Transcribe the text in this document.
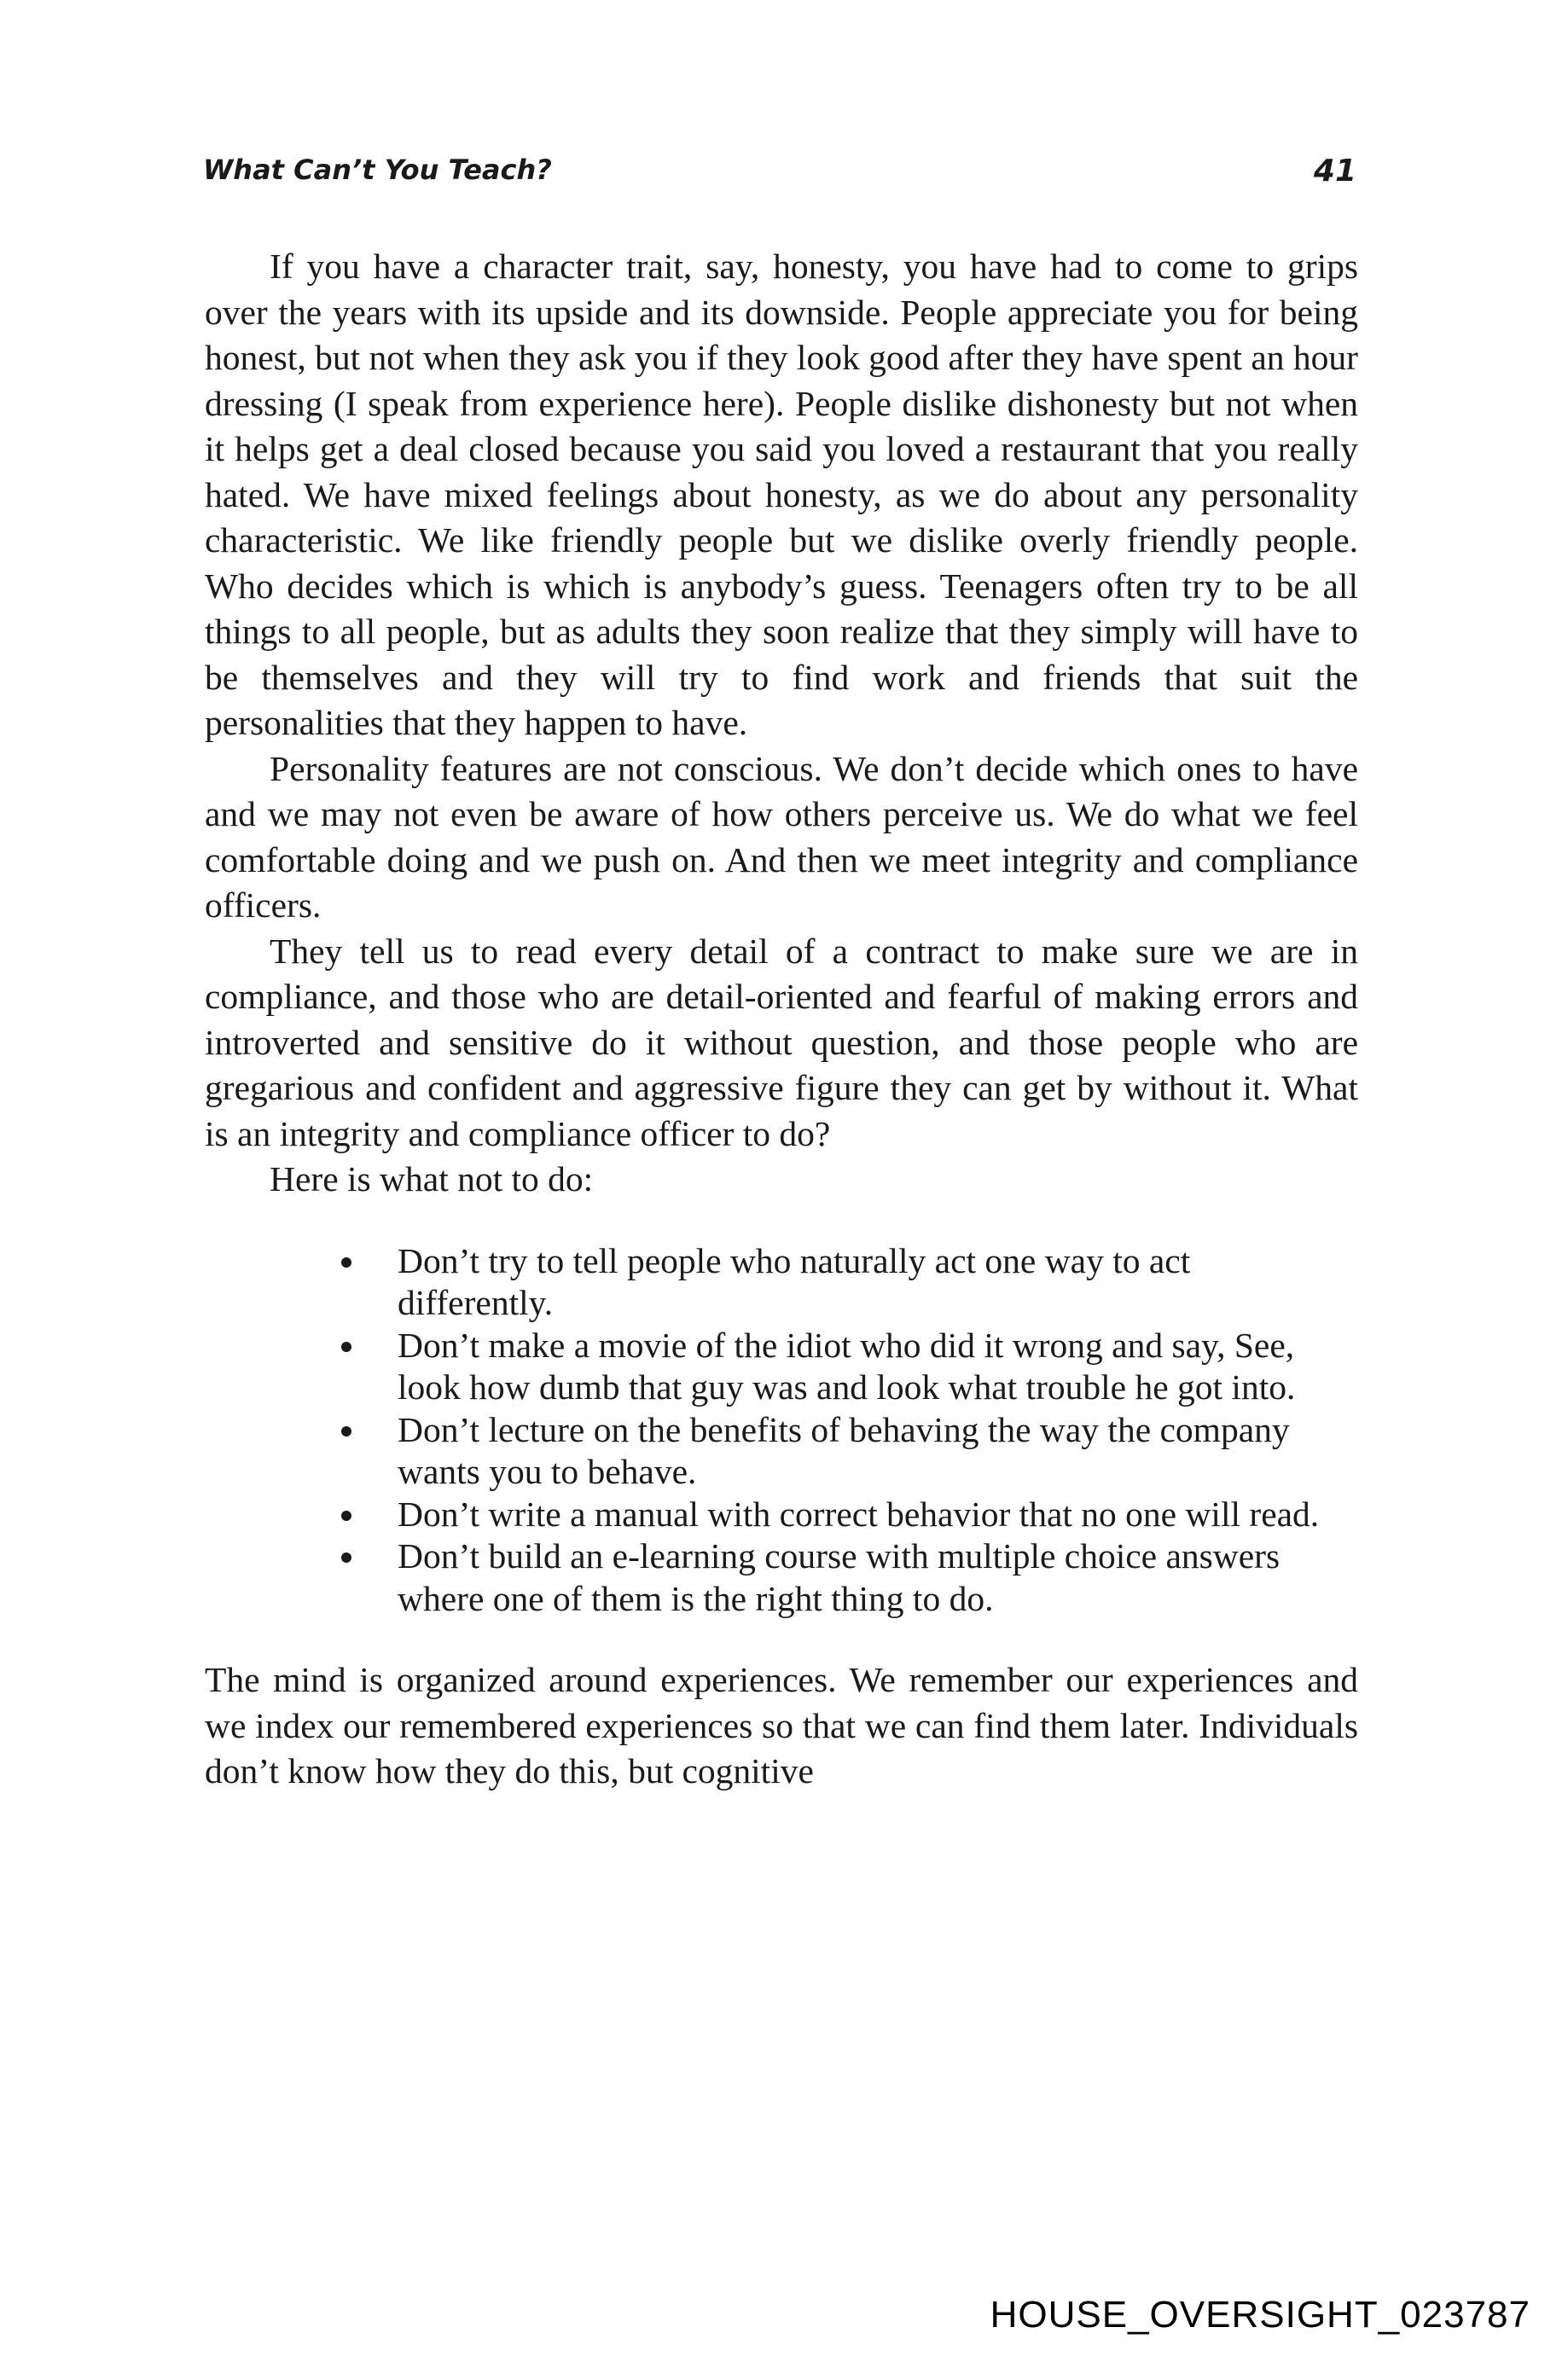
What Can’t You Teach?	41

If you have a character trait, say, honesty, you have had to come to grips over the years with its upside and its downside. People appreciate you for being honest, but not when they ask you if they look good after they have spent an hour dressing (I speak from experience here). People dislike dishonesty but not when it helps get a deal closed because you said you loved a restaurant that you really hated. We have mixed feelings about honesty, as we do about any personality characteristic. We like friendly people but we dislike overly friendly people. Who decides which is which is anybody’s guess. Teenagers often try to be all things to all people, but as adults they soon realize that they simply will have to be themselves and they will try to find work and friends that suit the personalities that they happen to have.

Personality features are not conscious. We don’t decide which ones to have and we may not even be aware of how others perceive us. We do what we feel comfortable doing and we push on. And then we meet integrity and compliance officers.

They tell us to read every detail of a contract to make sure we are in compliance, and those who are detail-oriented and fearful of making errors and introverted and sensitive do it without question, and those people who are gregarious and confident and aggressive figure they can get by without it. What is an integrity and compliance officer to do?

Here is what not to do:

Don’t try to tell people who naturally act one way to act differently.
Don’t make a movie of the idiot who did it wrong and say, See, look how dumb that guy was and look what trouble he got into.
Don’t lecture on the benefits of behaving the way the company wants you to behave.
Don’t write a manual with correct behavior that no one will read.
Don’t build an e-learning course with multiple choice answers where one of them is the right thing to do.

The mind is organized around experiences. We remember our experiences and we index our remembered experiences so that we can find them later. Individuals don’t know how they do this, but cognitive

HOUSE_OVERSIGHT_023787
